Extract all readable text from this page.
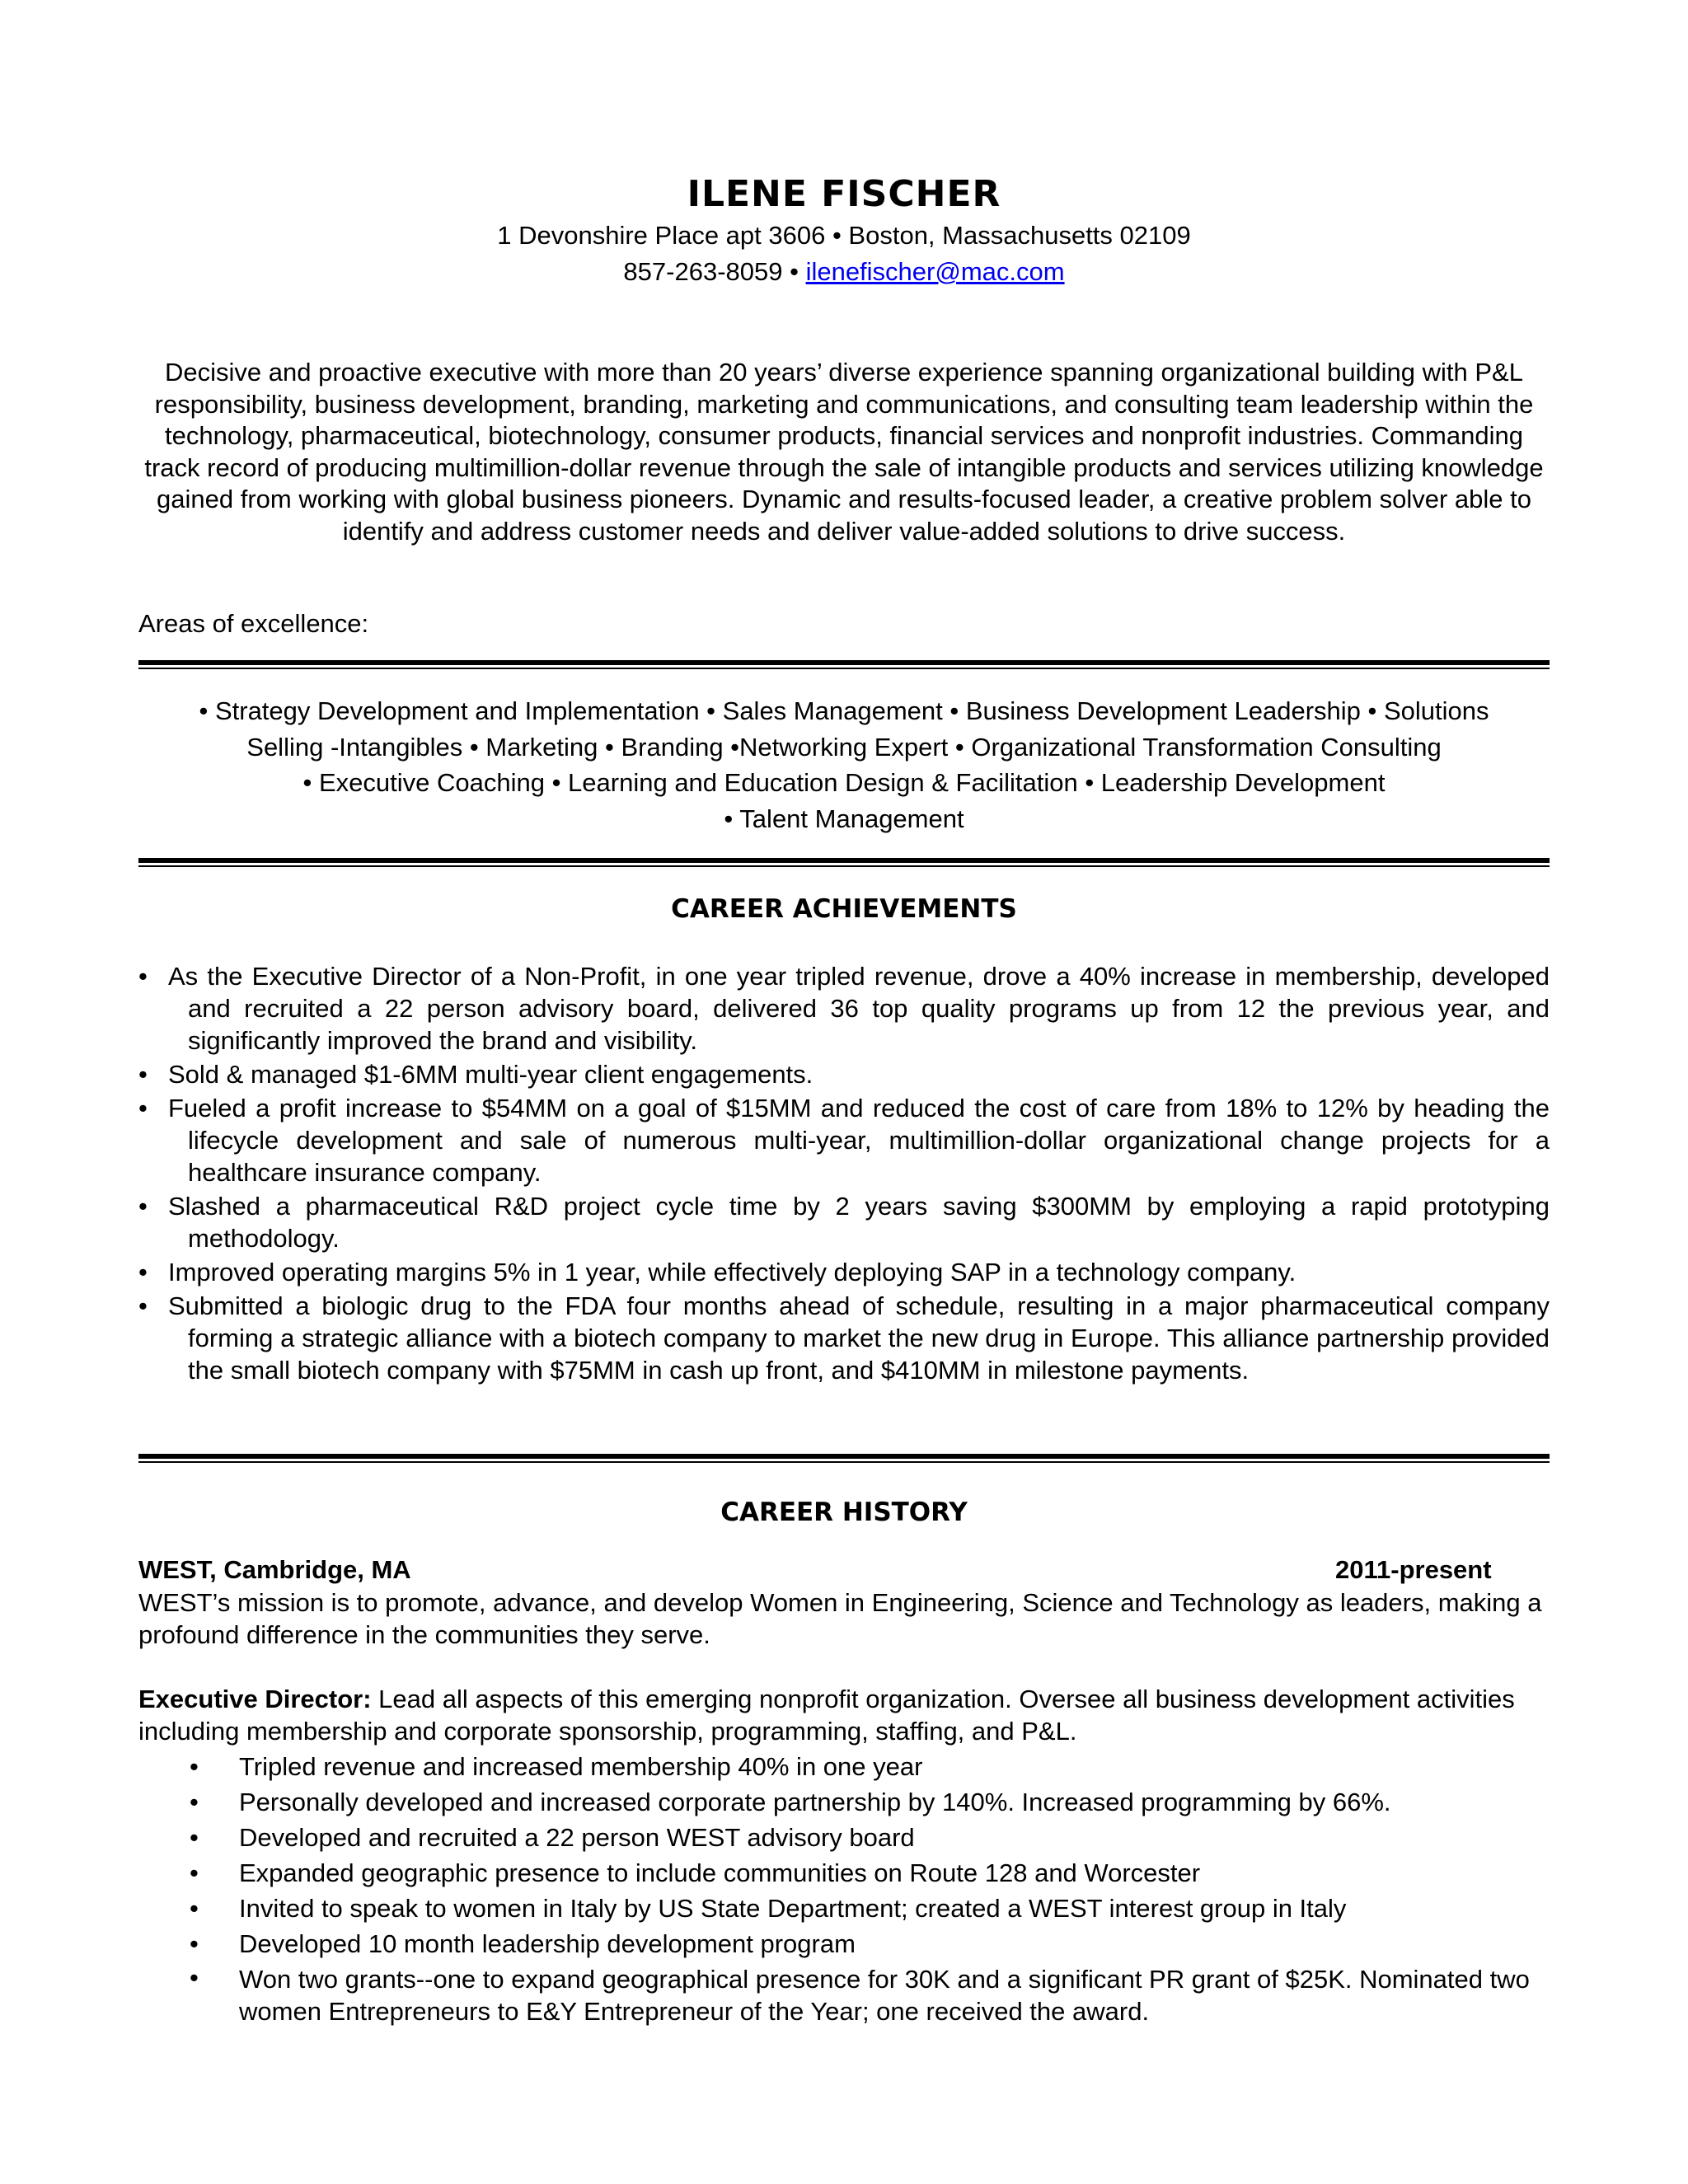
ILENE FISCHER
1 Devonshire Place apt 3606 • Boston, Massachusetts 02109
857-263-8059 • ilenefischer@mac.com
Decisive and proactive executive with more than 20 years’ diverse experience spanning organizational building with P&L responsibility, business development, branding, marketing and communications, and consulting team leadership within the technology, pharmaceutical, biotechnology, consumer products, financial services and nonprofit industries. Commanding track record of producing multimillion-dollar revenue through the sale of intangible products and services utilizing knowledge gained from working with global business pioneers. Dynamic and results-focused leader, a creative problem solver able to identify and address customer needs and deliver value-added solutions to drive success.
Areas of excellence:
• Strategy Development and Implementation • Sales Management • Business Development Leadership • Solutions
Selling -Intangibles • Marketing • Branding •Networking Expert • Organizational Transformation Consulting
• Executive Coaching • Learning and Education Design & Facilitation • Leadership Development
• Talent Management
CAREER ACHIEVEMENTS
• As the Executive Director of a Non-Profit, in one year tripled revenue, drove a 40% increase in membership, developed and recruited a 22 person advisory board, delivered 36 top quality programs up from 12 the previous year, and significantly improved the brand and visibility.
• Sold & managed $1-6MM multi-year client engagements.
• Fueled a profit increase to $54MM on a goal of $15MM and reduced the cost of care from 18% to 12% by heading the lifecycle development and sale of numerous multi-year, multimillion-dollar organizational change projects for a healthcare insurance company.
• Slashed a pharmaceutical R&D project cycle time by 2 years saving $300MM by employing a rapid prototyping methodology.
• Improved operating margins 5% in 1 year, while effectively deploying SAP in a technology company.
• Submitted a biologic drug to the FDA four months ahead of schedule, resulting in a major pharmaceutical company forming a strategic alliance with a biotech company to market the new drug in Europe. This alliance partnership provided the small biotech company with $75MM in cash up front, and $410MM in milestone payments.
CAREER HISTORY
WEST, Cambridge, MA	2011-present
WEST’s mission is to promote, advance, and develop Women in Engineering, Science and Technology as leaders, making a profound difference in the communities they serve.
Executive Director: Lead all aspects of this emerging nonprofit organization. Oversee all business development activities including membership and corporate sponsorship, programming, staffing, and P&L.
• Tripled revenue and increased membership 40% in one year
• Personally developed and increased corporate partnership by 140%. Increased programming by 66%.
• Developed and recruited a 22 person WEST advisory board
• Expanded geographic presence to include communities on Route 128 and Worcester
• Invited to speak to women in Italy by US State Department; created a WEST interest group in Italy
• Developed 10 month leadership development program
• Won two grants--one to expand geographical presence for 30K and a significant PR grant of $25K. Nominated two women Entrepreneurs to E&Y Entrepreneur of the Year; one received the award.
